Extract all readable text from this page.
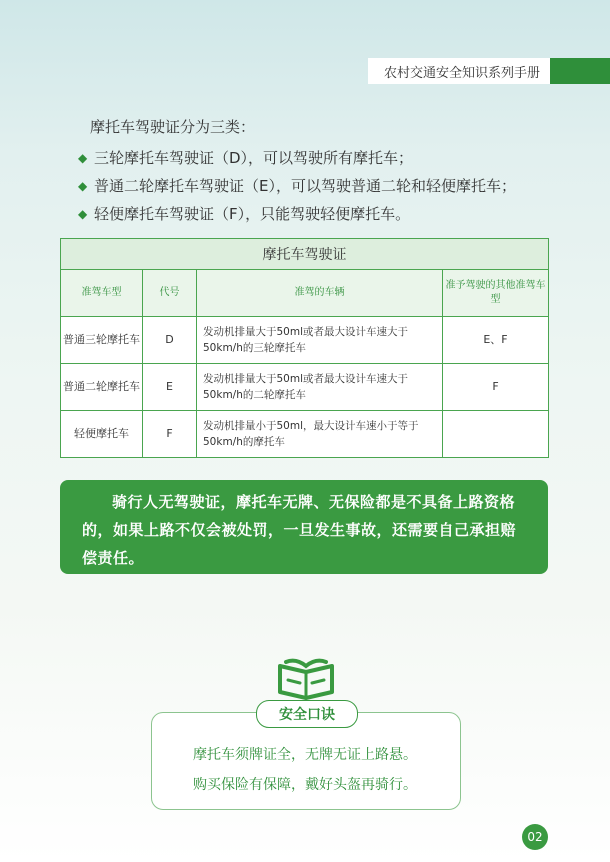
农村交通安全知识系列手册
摩托车驾驶证分为三类：
◆ 三轮摩托车驾驶证（D），可以驾驶所有摩托车；
◆ 普通二轮摩托车驾驶证（E），可以驾驶普通二轮和轻便摩托车；
◆ 轻便摩托车驾驶证（F），只能驾驶轻便摩托车。
摩托车驾驶证			
准驾车型	代号	准驾的车辆	准予驾驶的其他准驾车型
普通三轮摩托车	D	发动机排量大于50ml或者最大设计车速大于50km/h的三轮摩托车	E、F
普通二轮摩托车	E	发动机排量大于50ml或者最大设计车速大于50km/h的二轮摩托车	F
轻便摩托车	F	发动机排量小于50ml，最大设计车速小于等于50km/h的摩托车	

骑行人无驾驶证，摩托车无牌、无保险都是不具备上路资格的，如果上路不仅会被处罚，一旦发生事故，还需要自己承担赔偿责任。

安全口诀
摩托车须牌证全，无牌无证上路悬。
购买保险有保障，戴好头盔再骑行。
02
